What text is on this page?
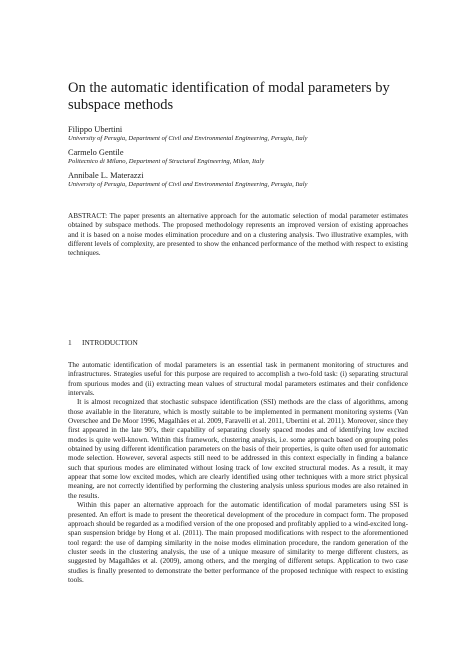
On the automatic identification of modal parameters by subspace methods
Filippo Ubertini
University of Perugia, Department of Civil and Environmental Engineering, Perugia, Italy
Carmelo Gentile
Politecnico di Milano, Department of Structural Engineering, Milan, Italy
Annibale L. Materazzi
University of Perugia, Department of Civil and Environmental Engineering, Perugia, Italy

ABSTRACT: The paper presents an alternative approach for the automatic selection of modal parameter estimates obtained by subspace methods. The proposed methodology represents an improved version of existing approaches and it is based on a noise modes elimination procedure and on a clustering analysis. Two illustrative examples, with different levels of complexity, are presented to show the enhanced performance of the method with respect to existing techniques.

1 INTRODUCTION

The automatic identification of modal parameters is an essential task in permanent monitoring of structures and infrastructures. Strategies useful for this purpose are required to accomplish a two-fold task: (i) separating structural from spurious modes and (ii) extracting mean values of structural modal parameters estimates and their confidence intervals.

It is almost recognized that stochastic subspace identification (SSI) methods are the class of algorithms, among those available in the literature, which is mostly suitable to be implemented in permanent monitoring systems (Van Overschee and De Moor 1996, Magalhães et al. 2009, Faravelli et al. 2011, Ubertini et al. 2011). Moreover, since they first appeared in the late 90’s, their capability of separating closely spaced modes and of identifying low excited modes is quite well-known. Within this framework, clustering analysis, i.e. some approach based on grouping poles obtained by using different identification parameters on the basis of their properties, is quite often used for automatic mode selection. However, several aspects still need to be addressed in this context especially in finding a balance such that spurious modes are eliminated without losing track of low excited structural modes. As a result, it may appear that some low excited modes, which are clearly identified using other techniques with a more strict physical meaning, are not correctly identified by performing the clustering analysis unless spurious modes are also retained in the results.

Within this paper an alternative approach for the automatic identification of modal parameters using SSI is presented. An effort is made to present the theoretical development of the procedure in compact form. The proposed approach should be regarded as a modified version of the one proposed and profitably applied to a wind-excited long-span suspension bridge by Hong et al. (2011). The main proposed modifications with respect to the aforementioned tool regard: the use of damping similarity in the noise modes elimination procedure, the random generation of the cluster seeds in the clustering analysis, the use of a unique measure of similarity to merge different clusters, as suggested by Magalhães et al. (2009), among others, and the merging of different setups. Application to two case studies is finally presented to demonstrate the better performance of the proposed technique with respect to existing tools.
